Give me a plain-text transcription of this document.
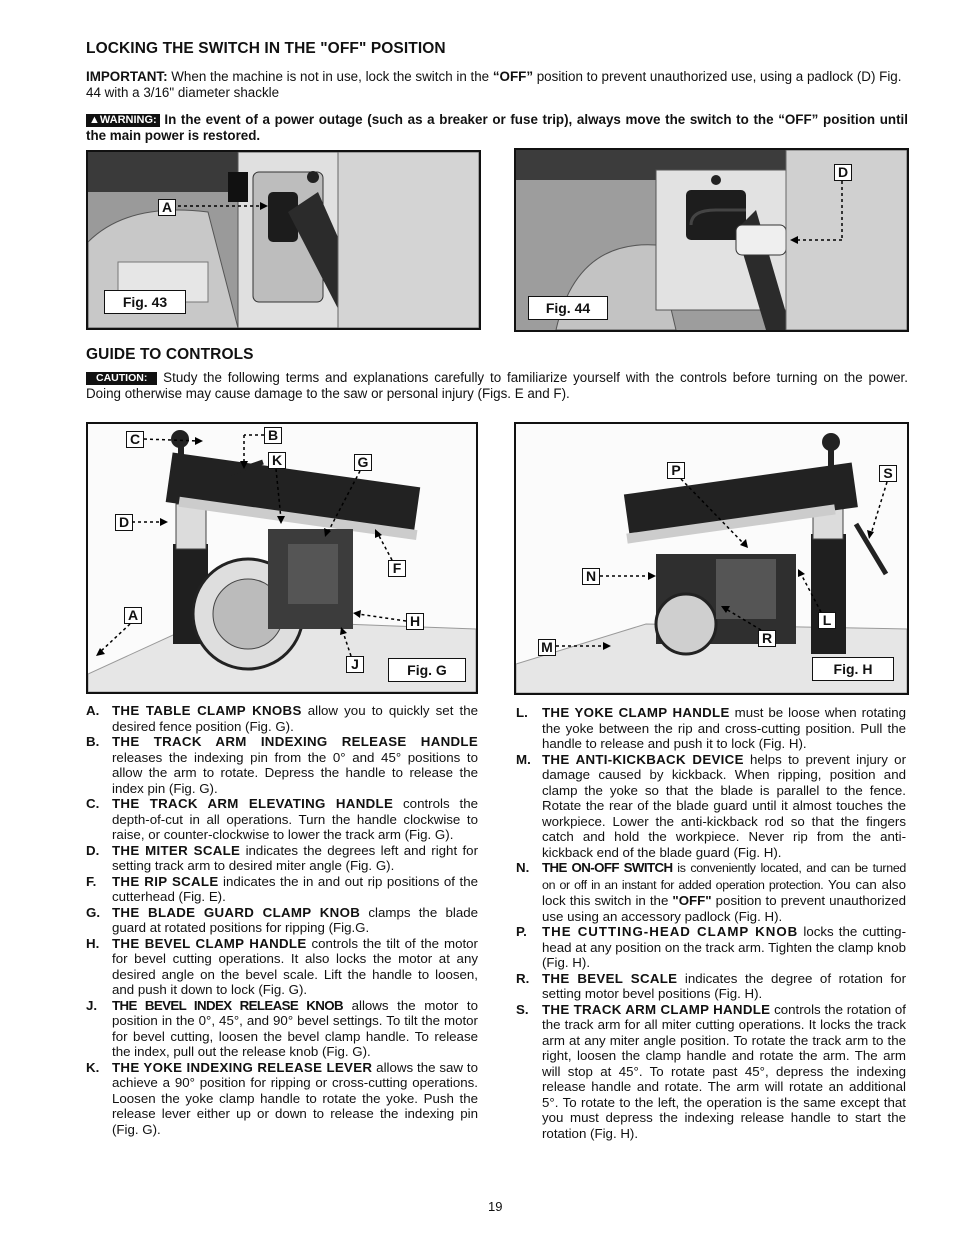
LOCKING THE SWITCH IN THE "OFF" POSITION

IMPORTANT: When the machine is not in use, lock the switch in the “OFF” position to prevent unauthorized use, using a padlock (D) Fig. 44 with a 3/16" diameter shackle

▲WARNING: In the event of a power outage (such as a breaker or fuse trip), always move the switch to the “OFF” position until the main power is restored.

A
Fig. 43
D
Fig. 44
GUIDE TO CONTROLS

CAUTION: Study the following terms and explanations carefully to familiarize yourself with the controls before turning on the power. Doing otherwise may cause damage to the saw or personal injury (Figs. E and F).

C	B
K	G
D
F
A	H
J	Fig. G
P	S
N
L
M
R
Fig. H
A. THE TABLE CLAMP KNOBS allow you to quickly set the desired fence position (Fig. G).
B. THE TRACK ARM INDEXING RELEASE HANDLE releases the indexing pin from the 0° and 45° positions to allow the arm to rotate. Depress the handle to release the index pin (Fig. G).
C. THE TRACK ARM ELEVATING HANDLE controls the depth-of-cut in all operations. Turn the handle clockwise to raise, or counter-clockwise to lower the track arm (Fig. G).
D. THE MITER SCALE indicates the degrees left and right for setting track arm to desired miter angle (Fig. G).
F.	THE RIP SCALE indicates the in and out rip positions of the cutterhead (Fig. E).
G. THE BLADE GUARD CLAMP KNOB clamps the blade guard at rotated positions for ripping (Fig.G.
H. THE BEVEL CLAMP HANDLE controls the tilt of the motor for bevel cutting operations. It also locks the motor at any desired angle on the bevel scale. Lift the handle to loosen, and push it down to lock (Fig. G).
J.	THE BEVEL INDEX RELEASE KNOB allows the motor to position in the 0°, 45°, and 90° bevel settings. To tilt the motor for bevel cutting, loosen the bevel clamp handle. To release the index, pull out the release knob (Fig. G).
K. THE YOKE INDEXING RELEASE LEVER allows the saw to achieve a 90° position for ripping or cross-cutting operations. Loosen the yoke clamp handle to rotate the yoke. Push the release lever either up or down to release the indexing pin (Fig. G).
L.	THE YOKE CLAMP HANDLE must be loose when rotating the yoke between the rip and cross-cutting position. Pull the handle to release and push it to lock (Fig. H).
M. THE ANTI-KICKBACK DEVICE helps to prevent injury or damage caused by kickback. When ripping, position and clamp the yoke so that the blade is parallel to the fence. Rotate the rear of the blade guard until it almost touches the workpiece. Lower the anti-kickback rod so that the fingers catch and hold the workpiece. Never rip from the anti-kickback end of the blade guard (Fig. H).
N. THE ON-OFF SWITCH is conveniently located, and can be turned on or off in an instant for added operation protection. You can also lock this switch in the "OFF" position to prevent unauthorized use using an accessory padlock (Fig. H).
P.	THE CUTTING-HEAD CLAMP KNOB locks the cutting-head at any position on the track arm. Tighten the clamp knob (Fig. H).
R. THE BEVEL SCALE indicates the degree of rotation for setting motor bevel positions (Fig. H).
S.	THE TRACK ARM CLAMP HANDLE controls the rotation of the track arm for all miter cutting operations. It locks the track arm at any miter angle position. To rotate the track arm to the right, loosen the clamp handle and rotate the arm. The arm will stop at 45°. To rotate past 45°, depress the indexing release handle and rotate. The arm will rotate an additional 5°. To rotate to the left, the operation is the same except that you must depress the indexing release handle to start the rotation (Fig. H).
19
